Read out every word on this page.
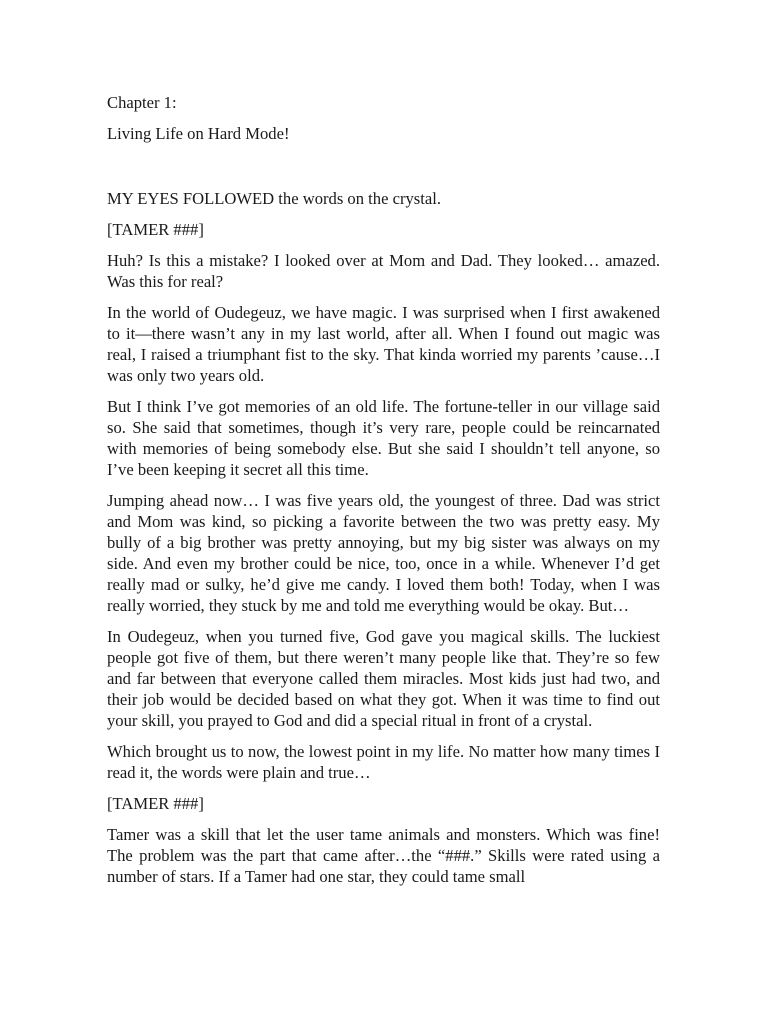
Chapter 1:
Living Life on Hard Mode!
MY EYES FOLLOWED the words on the crystal.
[TAMER ###]
Huh? Is this a mistake? I looked over at Mom and Dad. They looked… amazed. Was this for real?
In the world of Oudegeuz, we have magic. I was surprised when I first awakened to it—there wasn’t any in my last world, after all. When I found out magic was real, I raised a triumphant fist to the sky. That kinda worried my parents ’cause…I was only two years old.
But I think I’ve got memories of an old life. The fortune-teller in our village said so. She said that sometimes, though it’s very rare, people could be reincarnated with memories of being somebody else. But she said I shouldn’t tell anyone, so I’ve been keeping it secret all this time.
Jumping ahead now… I was five years old, the youngest of three. Dad was strict and Mom was kind, so picking a favorite between the two was pretty easy. My bully of a big brother was pretty annoying, but my big sister was always on my side. And even my brother could be nice, too, once in a while. Whenever I’d get really mad or sulky, he’d give me candy. I loved them both! Today, when I was really worried, they stuck by me and told me everything would be okay. But…
In Oudegeuz, when you turned five, God gave you magical skills. The luckiest people got five of them, but there weren’t many people like that. They’re so few and far between that everyone called them miracles. Most kids just had two, and their job would be decided based on what they got. When it was time to find out your skill, you prayed to God and did a special ritual in front of a crystal.
Which brought us to now, the lowest point in my life. No matter how many times I read it, the words were plain and true…
[TAMER ###]
Tamer was a skill that let the user tame animals and monsters. Which was fine! The problem was the part that came after…the “###.” Skills were rated using a number of stars. If a Tamer had one star, they could tame small
